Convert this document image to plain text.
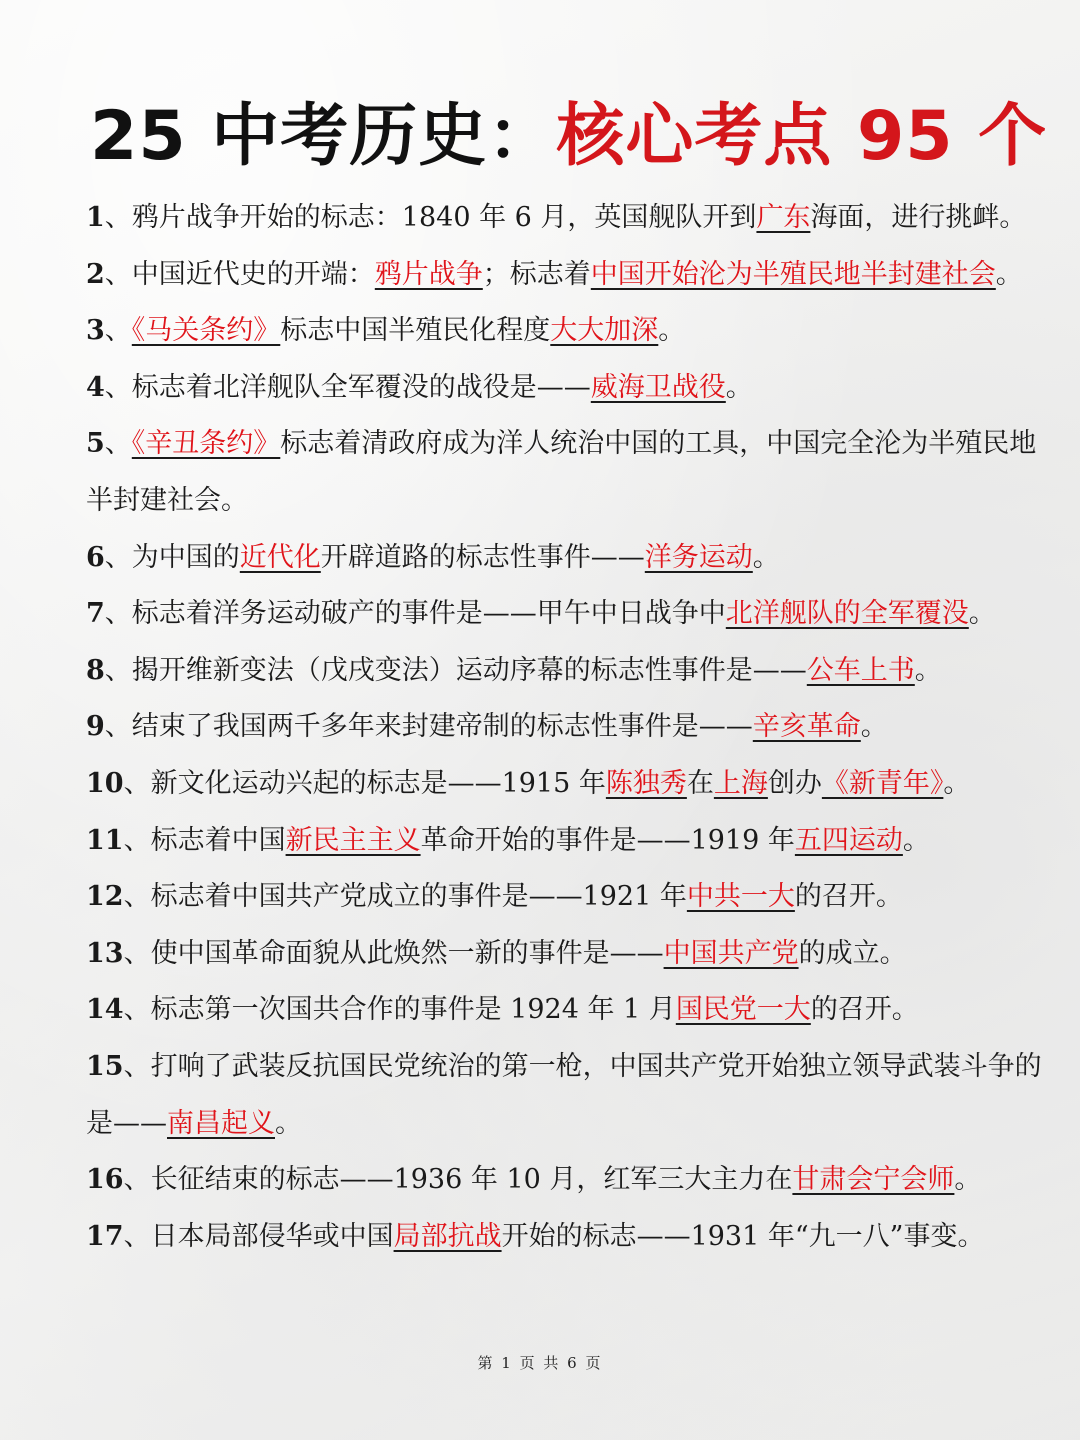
25 中考历史：核心考点 95 个

1、鸦片战争开始的标志：1840 年 6 月，英国舰队开到广东海面，进行挑衅。

2、中国近代史的开端：鸦片战争；标志着中国开始沦为半殖民地半封建社会。

3、《马关条约》标志中国半殖民化程度大大加深。

4、标志着北洋舰队全军覆没的战役是——威海卫战役。

5、《辛丑条约》标志着清政府成为洋人统治中国的工具，中国完全沦为半殖民地半封建社会。

6、为中国的近代化开辟道路的标志性事件——洋务运动。

7、标志着洋务运动破产的事件是——甲午中日战争中北洋舰队的全军覆没。

8、揭开维新变法（戊戌变法）运动序幕的标志性事件是——公车上书。

9、结束了我国两千多年来封建帝制的标志性事件是——辛亥革命。

10、新文化运动兴起的标志是——1915 年陈独秀在上海创办《新青年》。

11、标志着中国新民主主义革命开始的事件是——1919 年五四运动。

12、标志着中国共产党成立的事件是——1921 年中共一大的召开。

13、使中国革命面貌从此焕然一新的事件是——中国共产党的成立。

14、标志第一次国共合作的事件是 1924 年 1 月国民党一大的召开。

15、打响了武装反抗国民党统治的第一枪，中国共产党开始独立领导武装斗争的是——南昌起义。

16、长征结束的标志——1936 年 10 月，红军三大主力在甘肃会宁会师。

17、日本局部侵华或中国局部抗战开始的标志——1931 年“九一八”事变。

第 1 页 共 6 页
